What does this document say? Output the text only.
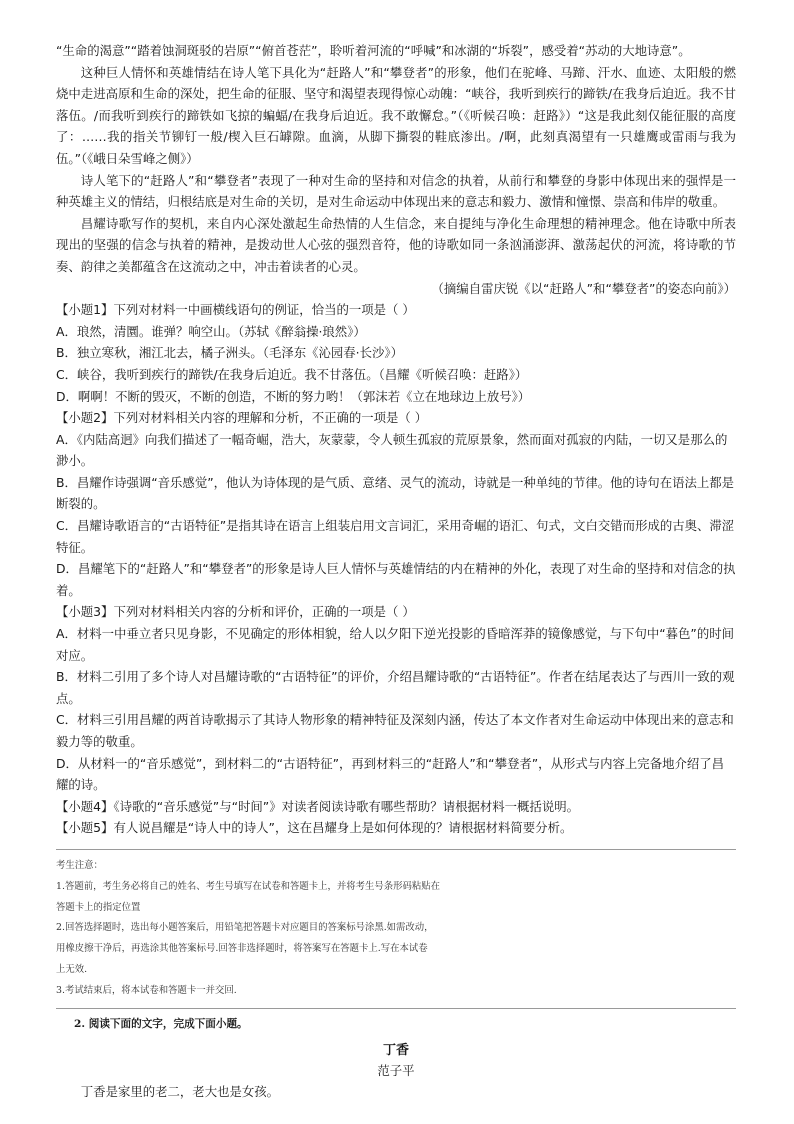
“生命的渴意”“踏着蚀洞斑驳的岩原”“俯首苍茫”，聆听着河流的“呼喊”和冰湖的“坼裂”，感受着“苏动的大地诗意”。

这种巨人情怀和英雄情结在诗人笔下具化为“赶路人”和“攀登者”的形象，他们在驼峰、马蹄、汗水、血迹、太阳般的燃烧中走进高原和生命的深处，把生命的征服、坚守和渴望表现得惊心动魄：“峡谷，我听到疾行的蹄铁/在我身后迫近。我不甘落伍。/而我听到疾行的蹄铁如飞掠的蝙蝠/在我身后迫近。我不敢懈怠。”（《听候召唤：赶路》）“这是我此刻仅能征服的高度了：……我的指关节铆钉一般/楔入巨石罅隙。血滴，从脚下撕裂的鞋底渗出。/啊，此刻真渴望有一只雄鹰或雷雨与我为伍。”（《峨日朵雪峰之侧》）

诗人笔下的“赶路人”和“攀登者”表现了一种对生命的坚持和对信念的执着，从前行和攀登的身影中体现出来的强悍是一种英雄主义的情结，归根结底是对生命的关切，是对生命运动中体现出来的意志和毅力、激情和憧憬、崇高和伟岸的敬重。

昌耀诗歌写作的契机，来自内心深处激起生命热情的人生信念，来自提纯与净化生命理想的精神理念。他在诗歌中所表现出的坚强的信念与执着的精神，是拨动世人心弦的强烈音符，他的诗歌如同一条汹涌澎湃、激荡起伏的河流，将诗歌的节奏、韵律之美都蕴含在这流动之中，冲击着读者的心灵。

（摘编自雷庆锐《以“赶路人”和“攀登者”的姿态向前》）

【小题1】下列对材料一中画横线语句的例证，恰当的一项是（ ）

A．琅然，清圜。谁弹？响空山。（苏轼《醉翁操·琅然》）

B．独立寒秋，湘江北去，橘子洲头。（毛泽东《沁园春·长沙》）

C．峡谷，我听到疾行的蹄铁/在我身后迫近。我不甘落伍。（昌耀《听候召唤：赶路》）

D．啊啊！不断的毁灭，不断的创造，不断的努力哟！（郭沫若《立在地球边上放号》）

【小题2】下列对材料相关内容的理解和分析，不正确的一项是（ ）

A．《内陆高迥》向我们描述了一幅奇崛，浩大，灰蒙蒙，令人顿生孤寂的荒原景象，然而面对孤寂的内陆，一切又是那么的渺小。

B．昌耀作诗强调“音乐感觉”，他认为诗体现的是气质、意绪、灵气的流动，诗就是一种单纯的节律。他的诗句在语法上都是断裂的。

C．昌耀诗歌语言的“古语特征”是指其诗在语言上组装启用文言词汇，采用奇崛的语汇、句式，文白交错而形成的古奥、滞涩特征。

D．昌耀笔下的“赶路人”和“攀登者”的形象是诗人巨人情怀与英雄情结的内在精神的外化，表现了对生命的坚持和对信念的执着。

【小题3】下列对材料相关内容的分析和评价，正确的一项是（ ）

A．材料一中垂立者只见身影，不见确定的形体相貌，给人以夕阳下逆光投影的昏暗浑莽的镜像感觉，与下句中“暮色”的时间对应。

B．材料二引用了多个诗人对昌耀诗歌的“古语特征”的评价，介绍昌耀诗歌的“古语特征”。作者在结尾表达了与西川一致的观点。

C．材料三引用昌耀的两首诗歌揭示了其诗人物形象的精神特征及深刻内涵，传达了本文作者对生命运动中体现出来的意志和毅力等的敬重。

D．从材料一的“音乐感觉”，到材料二的“古语特征”，再到材料三的“赶路人”和“攀登者”，从形式与内容上完备地介绍了昌耀的诗。

【小题4】《诗歌的“音乐感觉”与“时间”》对读者阅读诗歌有哪些帮助？请根据材料一概括说明。

【小题5】有人说昌耀是“诗人中的诗人”，这在昌耀身上是如何体现的？请根据材料简要分析。

考生注意：

1.答题前，考生务必将自己的姓名、考生号填写在试卷和答题卡上，并将考生号条形码粘贴在

答题卡上的指定位置

2.回答选择题时，选出每小题答案后，用铅笔把答题卡对应题目的答案标号涂黑.如需改动，

用橡皮擦干净后，再选涂其他答案标号.回答非选择题时，将答案写在答题卡上.写在本试卷

上无效.

3.考试结束后，将本试卷和答题卡一并交回.

2. 阅读下面的文字，完成下面小题。

丁香
范子平

丁香是家里的老二，老大也是女孩。
